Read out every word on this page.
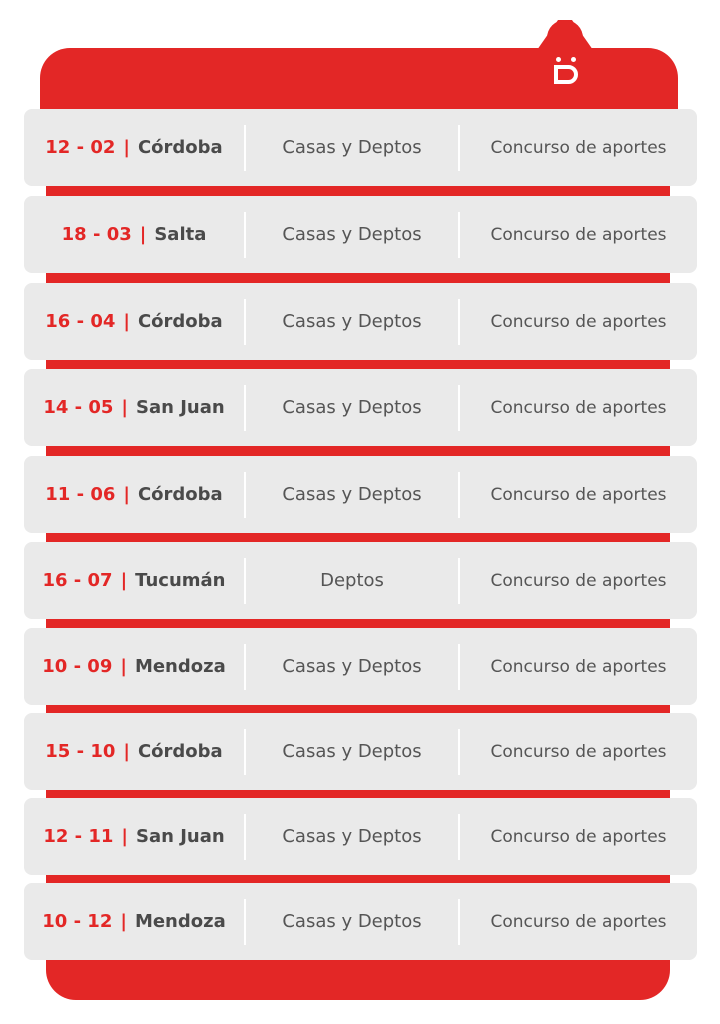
12 - 02 | Córdoba	Casas y Deptos	Concurso de aportes
18 - 03 | Salta	Casas y Deptos	Concurso de aportes
16 - 04 | Córdoba	Casas y Deptos	Concurso de aportes
14 - 05 | San Juan	Casas y Deptos	Concurso de aportes
11 - 06 | Córdoba	Casas y Deptos	Concurso de aportes
16 - 07 | Tucumán	Deptos	Concurso de aportes
10 - 09 | Mendoza	Casas y Deptos	Concurso de aportes
15 - 10 | Córdoba	Casas y Deptos	Concurso de aportes
12 - 11 | San Juan	Casas y Deptos	Concurso de aportes
10 - 12 | Mendoza	Casas y Deptos	Concurso de aportes
